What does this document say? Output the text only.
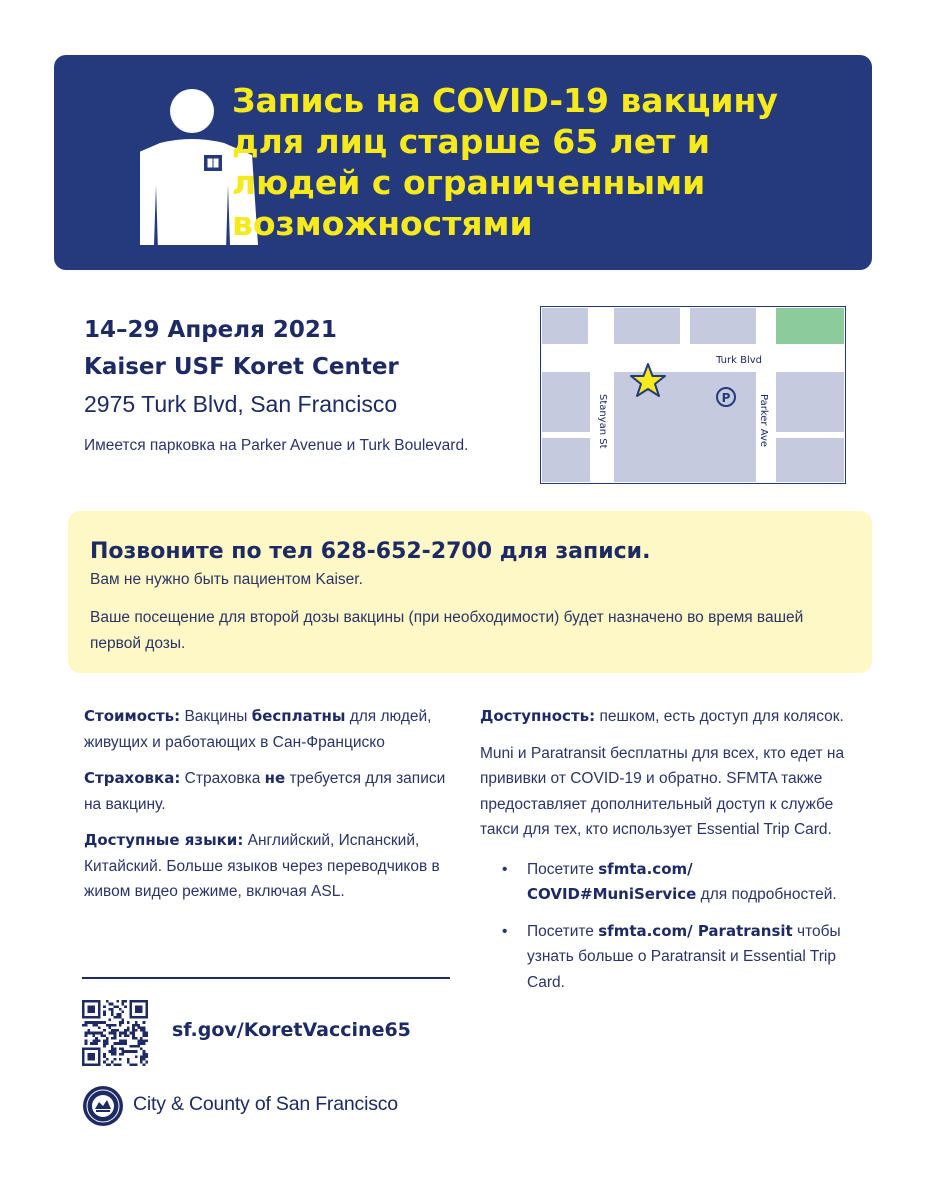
Запись на COVID-19 вакцину
для лиц старше 65 лет и
людей с ограниченными
возможностями
14–29 Апреля 2021
Kaiser USF Koret Center
2975 Turk Blvd, San Francisco
Имеется парковка на Parker Avenue и Turk Boulevard.
Turk Blvd
Stanyan St	Parker Ave
P
Позвоните по тел 628-652-2700 для записи.
Вам не нужно быть пациентом Kaiser.
Ваше посещение для второй дозы вакцины (при необходимости) будет назначено во время вашей первой дозы.

Стоимость: Вакцины бесплатны для людей, живущих и работающих в Сан-Франциско

Страховка: Страховка не требуется для записи на вакцину.

Доступные языки: Английский, Испанский, Китайский. Больше языков через переводчиков в живом видео режиме, включая ASL.

Доступность: пешком, есть доступ для колясок.

Muni и Paratransit бесплатны для всех, кто едет на прививки от COVID-19 и обратно. SFMTA также предоставляет дополнительный доступ к службе такси для тех, кто использует Essential Trip Card.

• Посетите sfmta.com/ COVID#MuniService для подробностей.
• Посетите sfmta.com/ Paratransit чтобы узнать больше о Paratransit и Essential Trip Card.
sf.gov/KoretVaccine65
City & County of San Francisco
